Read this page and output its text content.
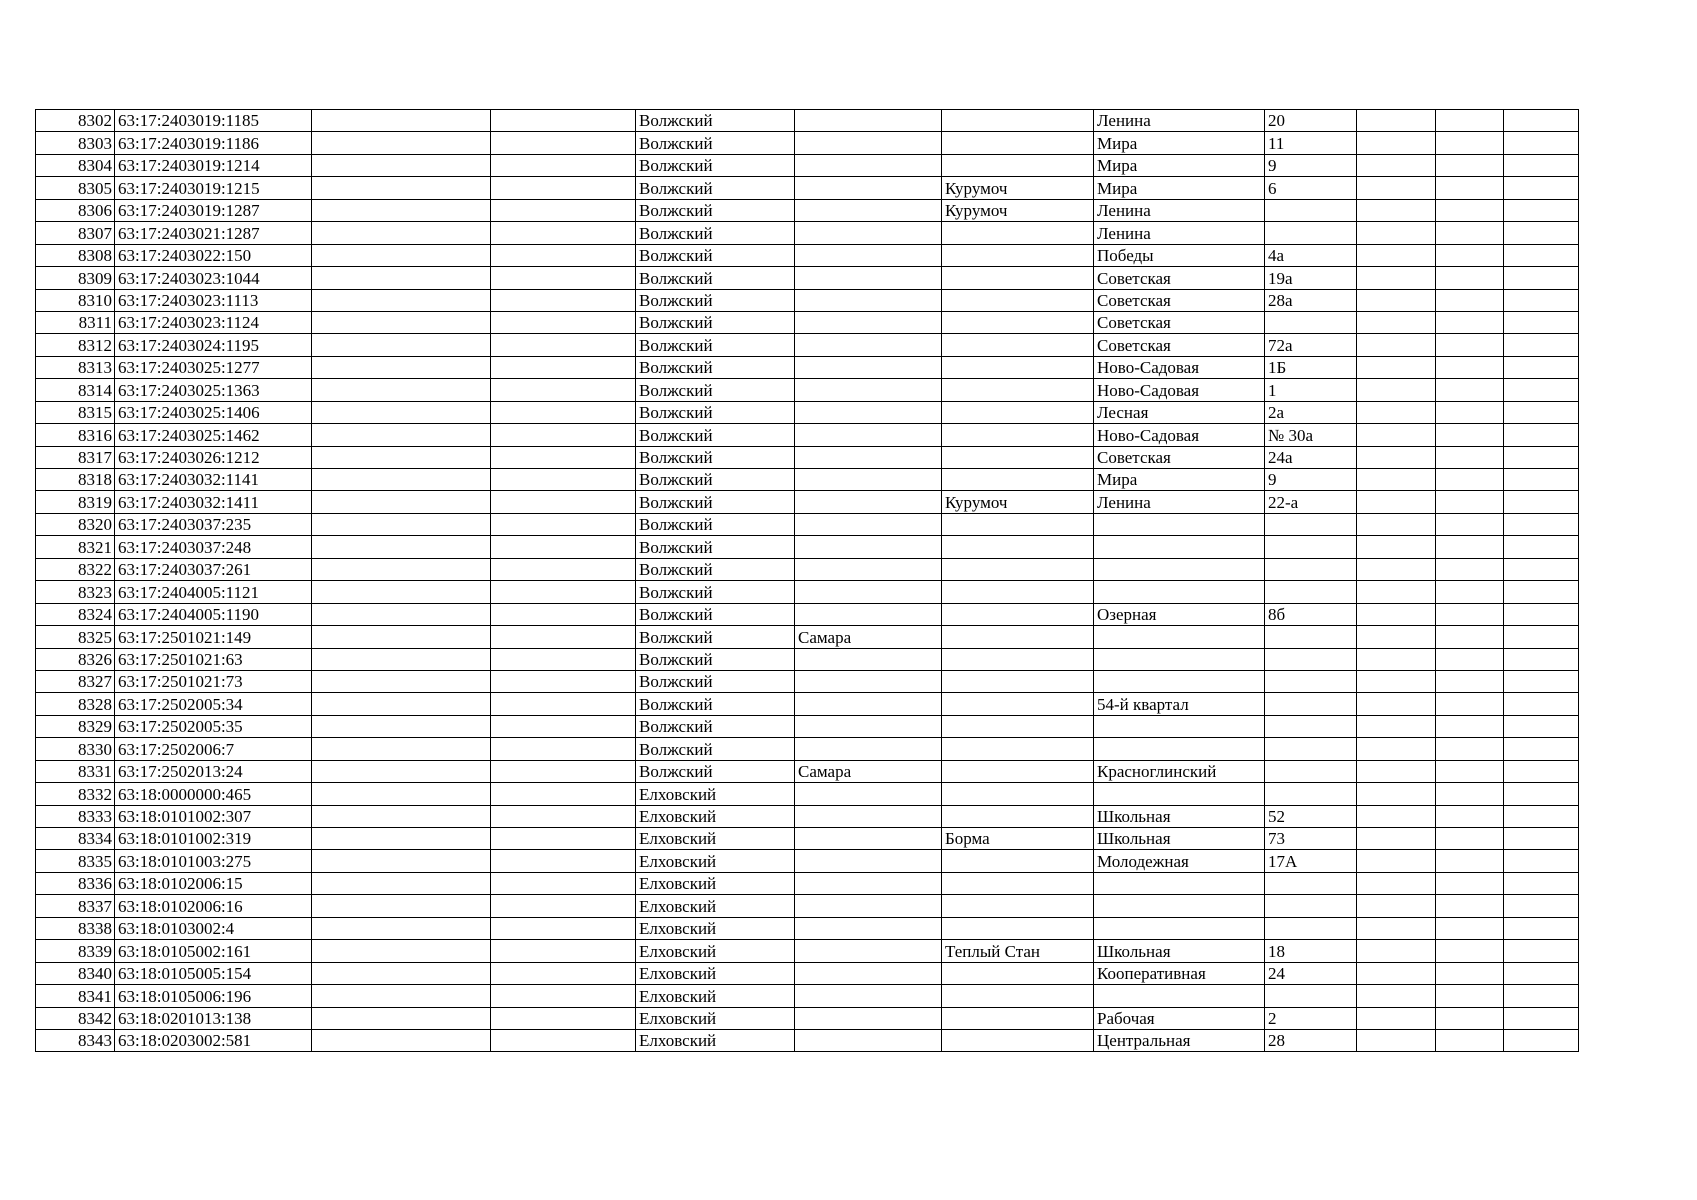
8302	63:17:2403019:1185			Волжский			Ленина	20			
8303	63:17:2403019:1186			Волжский			Мира	11			
8304	63:17:2403019:1214			Волжский			Мира	9			
8305	63:17:2403019:1215			Волжский		Курумоч	Мира	6			
8306	63:17:2403019:1287			Волжский		Курумоч	Ленина				
8307	63:17:2403021:1287			Волжский			Ленина				
8308	63:17:2403022:150			Волжский			Победы	4а			
8309	63:17:2403023:1044			Волжский			Советская	19а			
8310	63:17:2403023:1113			Волжский			Советская	28а			
8311	63:17:2403023:1124			Волжский			Советская				
8312	63:17:2403024:1195			Волжский			Советская	72а			
8313	63:17:2403025:1277			Волжский			Ново-Садовая	1Б			
8314	63:17:2403025:1363			Волжский			Ново-Садовая	1			
8315	63:17:2403025:1406			Волжский			Лесная	2а			
8316	63:17:2403025:1462			Волжский			Ново-Садовая	№ 30а			
8317	63:17:2403026:1212			Волжский			Советская	24а			
8318	63:17:2403032:1141			Волжский			Мира	9			
8319	63:17:2403032:1411			Волжский		Курумоч	Ленина	22-а			
8320	63:17:2403037:235			Волжский							
8321	63:17:2403037:248			Волжский							
8322	63:17:2403037:261			Волжский							
8323	63:17:2404005:1121			Волжский							
8324	63:17:2404005:1190			Волжский			Озерная	8б			
8325	63:17:2501021:149			Волжский	Самара						
8326	63:17:2501021:63			Волжский							
8327	63:17:2501021:73			Волжский							
8328	63:17:2502005:34			Волжский			54-й квартал				
8329	63:17:2502005:35			Волжский							
8330	63:17:2502006:7			Волжский							
8331	63:17:2502013:24			Волжский	Самара		Красноглинский				
8332	63:18:0000000:465			Елховский							
8333	63:18:0101002:307			Елховский			Школьная	52			
8334	63:18:0101002:319			Елховский		Борма	Школьная	73			
8335	63:18:0101003:275			Елховский			Молодежная	17А			
8336	63:18:0102006:15			Елховский							
8337	63:18:0102006:16			Елховский							
8338	63:18:0103002:4			Елховский							
8339	63:18:0105002:161			Елховский		Теплый Стан	Школьная	18			
8340	63:18:0105005:154			Елховский			Кооперативная	24			
8341	63:18:0105006:196			Елховский							
8342	63:18:0201013:138			Елховский			Рабочая	2			
8343	63:18:0203002:581			Елховский			Центральная	28			
